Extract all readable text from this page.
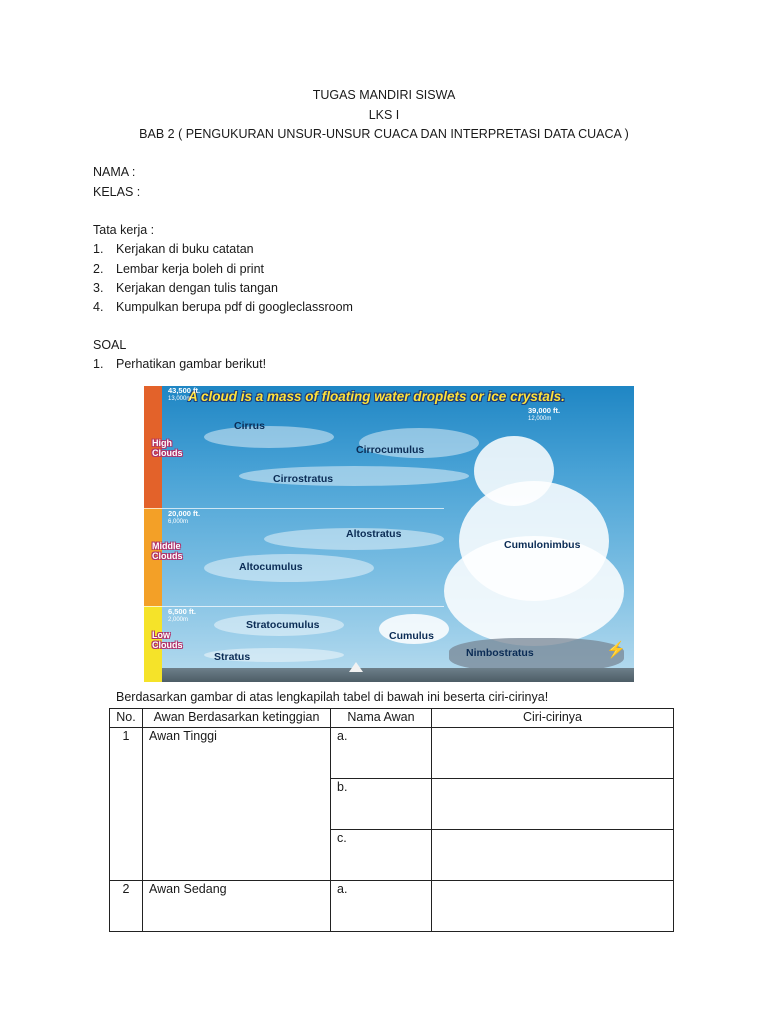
TUGAS MANDIRI SISWA
LKS I
BAB 2 ( PENGUKURAN UNSUR-UNSUR CUACA DAN INTERPRETASI DATA CUACA )
NAMA :
KELAS :
Tata kerja :
1. Kerjakan di buku catatan
2. Lembar kerja boleh di print
3. Kerjakan dengan tulis tangan
4. Kumpulkan berupa pdf di googleclassroom
SOAL
1. Perhatikan gambar berikut!
A cloud is a mass of floating water droplets or ice crystals.
43,500 ft.
13,000m
39,000 ft.
12,000m
20,000 ft.
6,000m
6,500 ft.
2,000m
High
Clouds
Middle
Clouds
Low
Clouds
Cirrus
Cirrocumulus
Cirrostratus
Altostratus
Cumulonimbus
Altocumulus
Stratocumulus
Cumulus
Nimbostratus
Stratus	⚡
Berdasarkan gambar di atas lengkapilah tabel di bawah ini beserta ciri-cirinya!
No.	Awan Berdasarkan ketinggian	Nama Awan	Ciri-cirinya
1	Awan Tinggi	a.	
		b.	
		c.	
2	Awan Sedang	a.	
